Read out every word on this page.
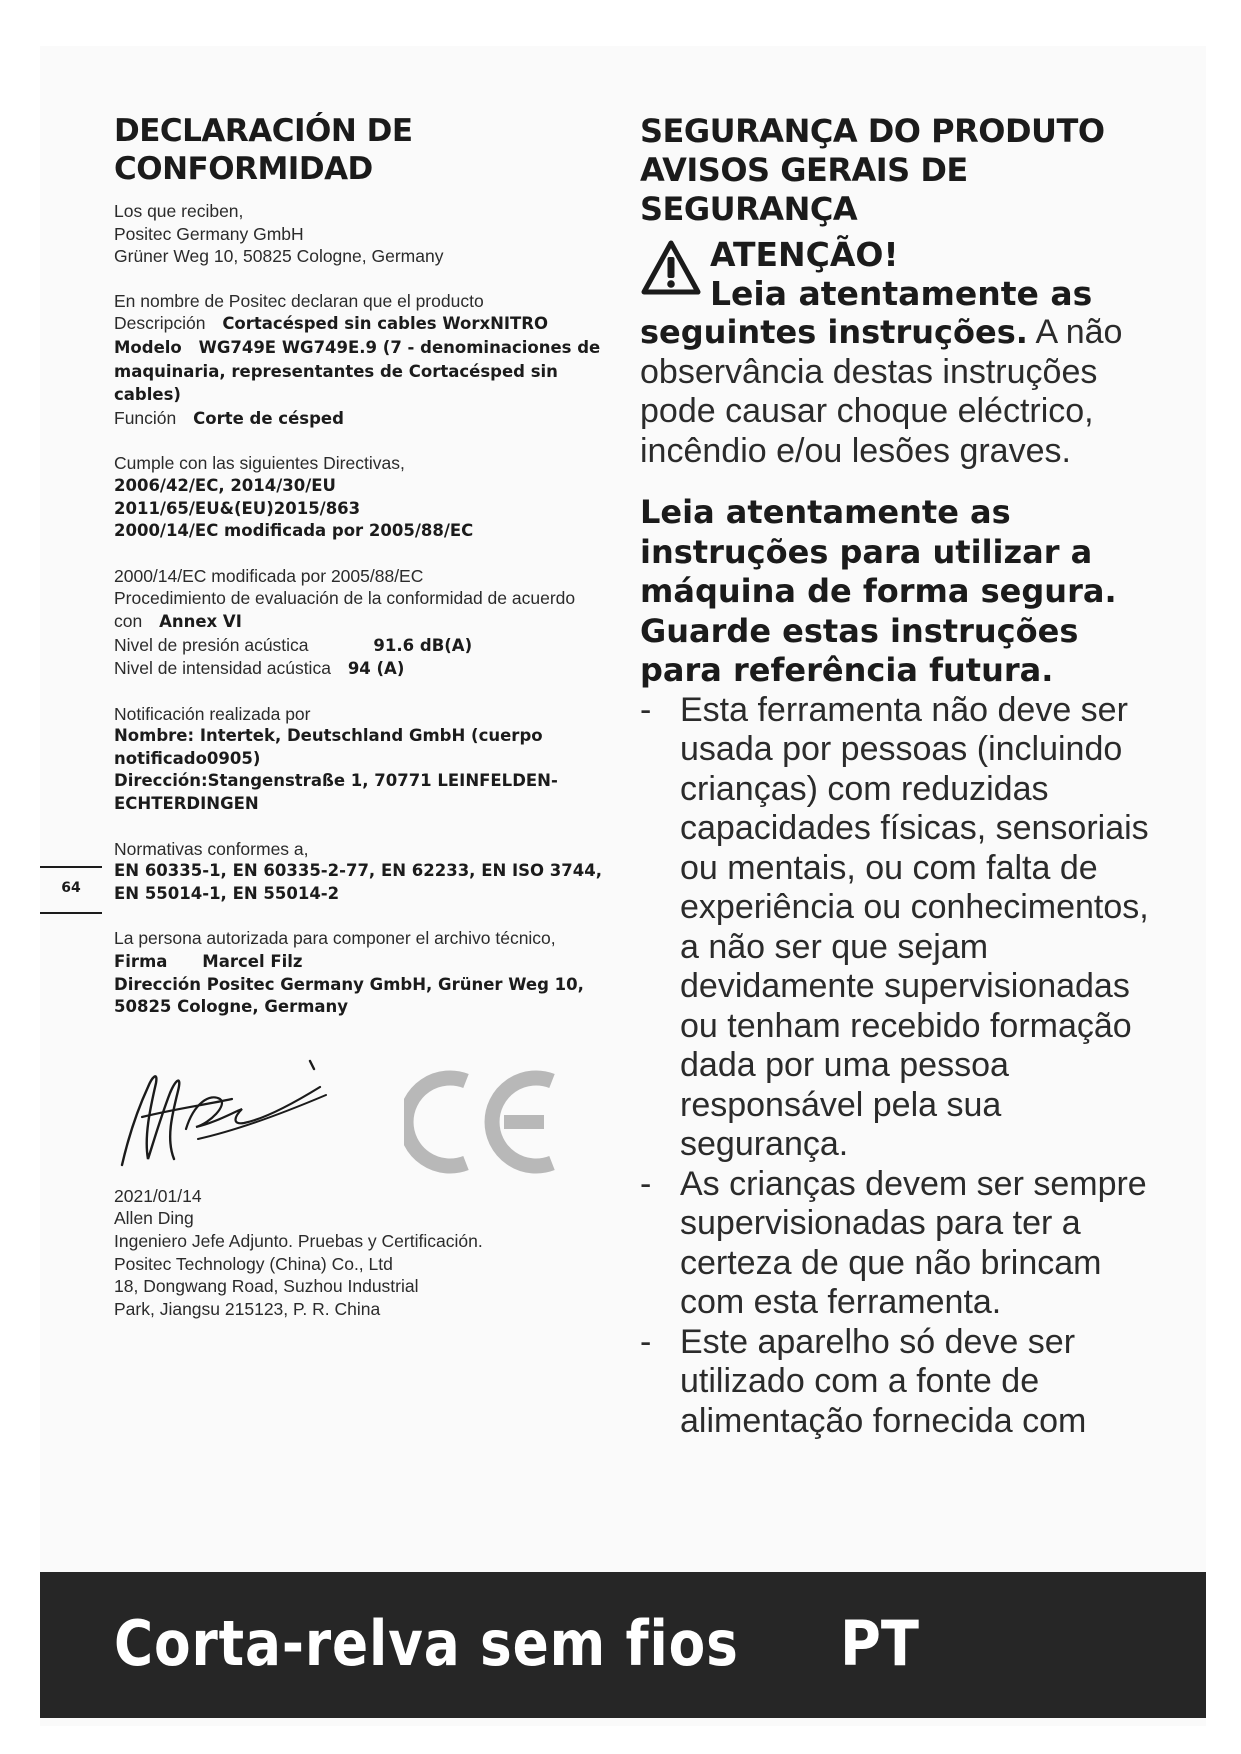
DECLARACIÓN DE
CONFORMIDAD
Los que reciben,
Positec Germany GmbH
Grüner Weg 10, 50825 Cologne, Germany
En nombre de Positec declaran que el producto
Descripción Cortacésped sin cables WorxNITRO
Modelo WG749E WG749E.9 (7 - denominaciones de maquinaria, representantes de Cortacésped sin cables)
Función Corte de césped
Cumple con las siguientes Directivas,
2006/42/EC, 2014/30/EU
2011/65/EU&(EU)2015/863
2000/14/EC modificada por 2005/88/EC
2000/14/EC modificada por 2005/88/EC
Procedimiento de evaluación de la conformidad de acuerdo
con Annex VI
Nivel de presión acústica	91.6 dB(A)
Nivel de intensidad acústica 94 (A)
Notificación realizada por
Nombre: Intertek, Deutschland GmbH (cuerpo notificado0905)
Dirección:Stangenstraße 1, 70771 LEINFELDEN-ECHTERDINGEN
Normativas conformes a,
EN 60335-1, EN 60335-2-77, EN 62233, EN ISO 3744, EN 55014-1, EN 55014-2
La persona autorizada para componer el archivo técnico,
Firma Marcel Filz
Dirección Positec Germany GmbH, Grüner Weg 10, 50825 Cologne, Germany
2021/01/14
Allen Ding
Ingeniero Jefe Adjunto. Pruebas y Certificación.
Positec Technology (China) Co., Ltd
18, Dongwang Road, Suzhou Industrial
Park, Jiangsu 215123, P. R. China
64
SEGURANÇA DO PRODUTO
AVISOS GERAIS DE
SEGURANÇA
ATENÇÃO!
Leia atentamente as

seguintes instruções. A não observância destas instruções pode causar choque eléctrico, incêndio e/ou lesões graves.

Leia atentamente as instruções para utilizar a máquina de forma segura. Guarde estas instruções para referência futura.

- Esta ferramenta não deve ser usada por pessoas (incluindo crianças) com reduzidas capacidades físicas, sensoriais ou mentais, ou com falta de experiência ou conhecimentos, a não ser que sejam devidamente supervisionadas ou tenham recebido formação dada por uma pessoa responsável pela sua segurança.
- As crianças devem ser sempre supervisionadas para ter a certeza de que não brincam com esta ferramenta.
- Este aparelho só deve ser utilizado com a fonte de alimentação fornecida com
Corta-relva sem fios PT
